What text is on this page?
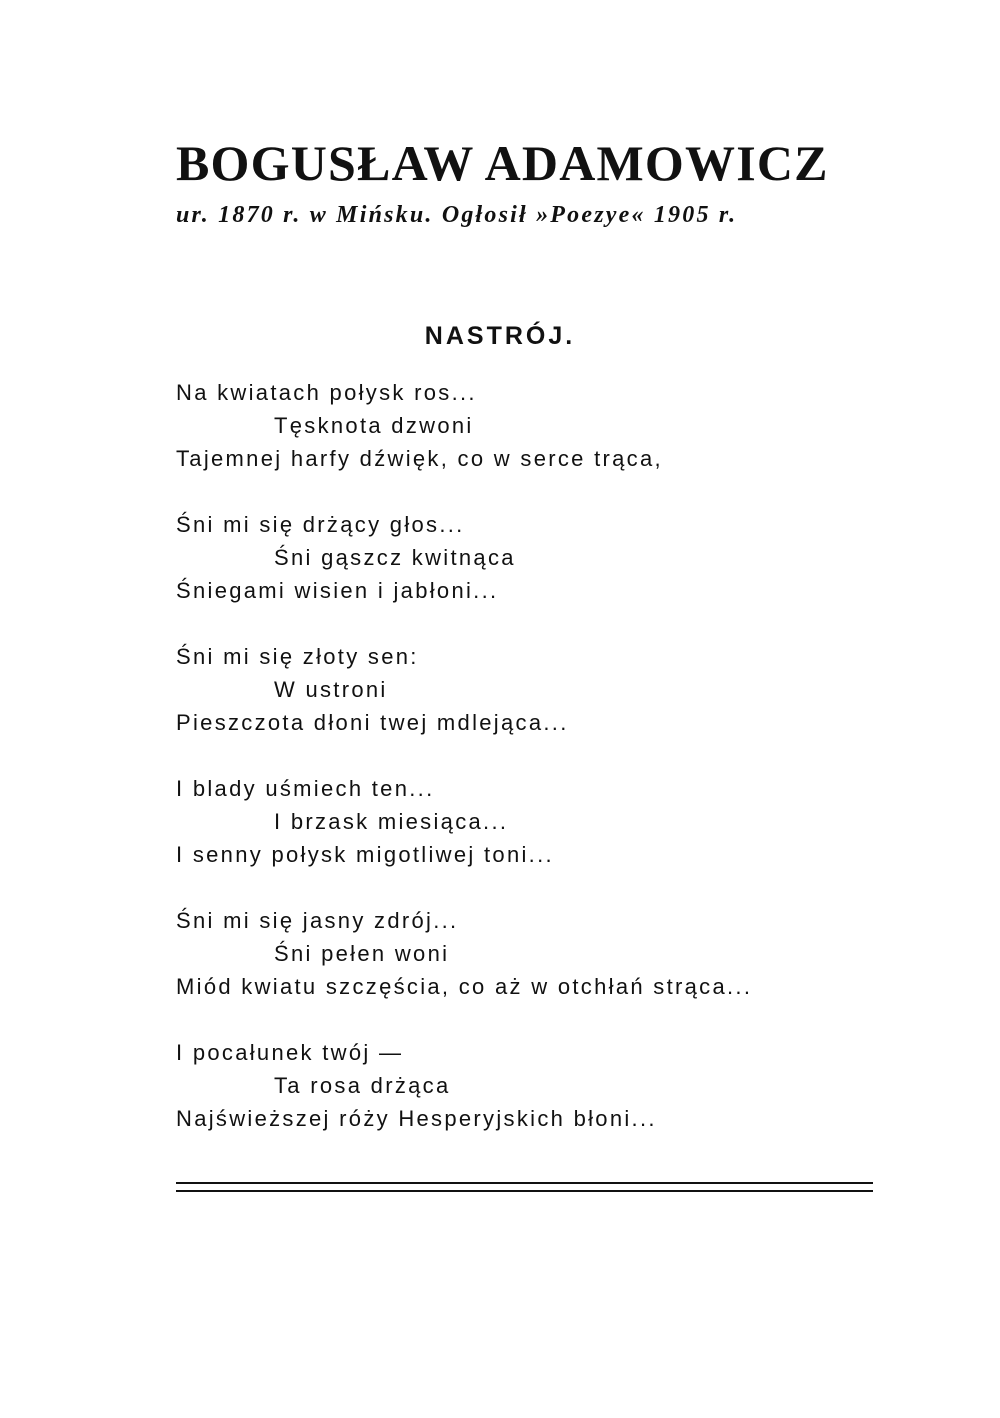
BOGUSŁAW ADAMOWICZ

ur. 1870 r. w Mińsku. Ogłosił »Poezye« 1905 r.

NASTRÓJ.
Na kwiatach połysk ros...
Tęsknota dzwoni
Tajemnej harfy dźwięk, co w serce trąca,
Śni mi się drżący głos...
Śni gąszcz kwitnąca
Śniegami wisien i jabłoni...
Śni mi się złoty sen:
W ustroni
Pieszczota dłoni twej mdlejąca...
I blady uśmiech ten...
I brzask miesiąca...
I senny połysk migotliwej toni...
Śni mi się jasny zdrój...
Śni pełen woni
Miód kwiatu szczęścia, co aż w otchłań strąca...
I pocałunek twój —
Ta rosa drżąca
Najświeższej róży Hesperyjskich błoni...
